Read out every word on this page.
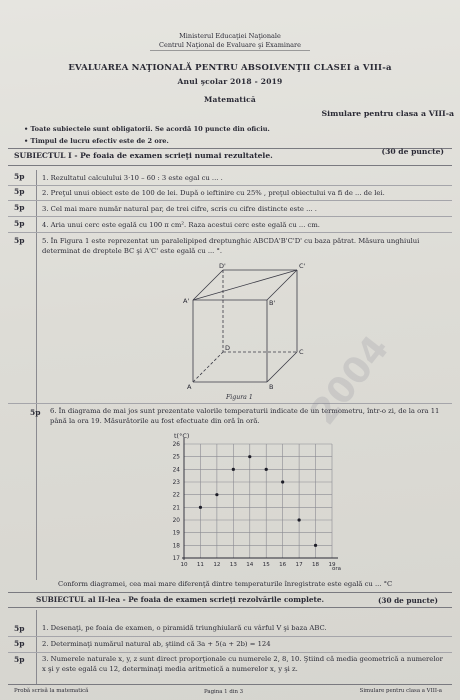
Ministerul Educaţiei Naţionale
Centrul Naţional de Evaluare şi Examinare
EVALUAREA NAŢIONALĂ PENTRU ABSOLVENŢII CLASEI a VIII-a
Anul şcolar 2018 - 2019
Matematică
Simulare pentru clasa a VIII-a
• Toate subiectele sunt obligatorii. Se acordă 10 puncte din oficiu.
• Timpul de lucru efectiv este de 2 ore.
SUBIECTUL I - Pe foaia de examen scrieţi numai rezultatele.	(30 de puncte)
5p	1. Rezultatul calculului 3·10 – 60 : 3 este egal cu ... .
5p	2. Preţul unui obiect este de 100 de lei. După o ieftinire cu 25% , preţul obiectului va fi de ... de lei.
5p	3. Cel mai mare număr natural par, de trei cifre, scris cu cifre distincte este ... .
5p	4. Aria unui cerc este egală cu 100 π cm². Raza acestui cerc este egală cu ... cm.
5p	5. În Figura 1 este reprezentat un paralelipiped dreptunghic ABCDA'B'C'D' cu baza pătrat. Măsura unghiului determinat de dreptele BC şi A'C' este egală cu ... °.
D'	C'
A'	B'
D	C
A	B
Figura 1
5p 6. În diagrama de mai jos sunt prezentate valorile temperaturii indicate de un termometru, într-o zi, de la ora 11 până la ora 19. Măsurătorile au fost efectuate din oră în oră.
17
18
19
20
21
22
23
24
25
26
10 11 12 13 14 15 16 17 18 19
t(°C)
ora
Conform diagramei, cea mai mare diferenţă dintre temperaturile înregistrate este egală cu ... °C
SUBIECTUL al II-lea - Pe foaia de examen scrieţi rezolvările complete.	(30 de puncte)
5p	1. Desenaţi, pe foaia de examen, o piramidă triunghiulară cu vârful V şi baza ABC.
5p	2. Determinaţi numărul natural ab, ştiind că 3a + 5(a + 2b) = 124
5p	3. Numerele naturale x, y, z sunt direct proporţionale cu numerele 2, 8, 10. Ştiind că media geometrică a numerelor x şi y este egală cu 12, determinaţi media aritmetică a numerelor x, y şi z.
Probă scrisă la matematică	Pagina 1 din 3	Simulare pentru clasa a VIII-a
2004
